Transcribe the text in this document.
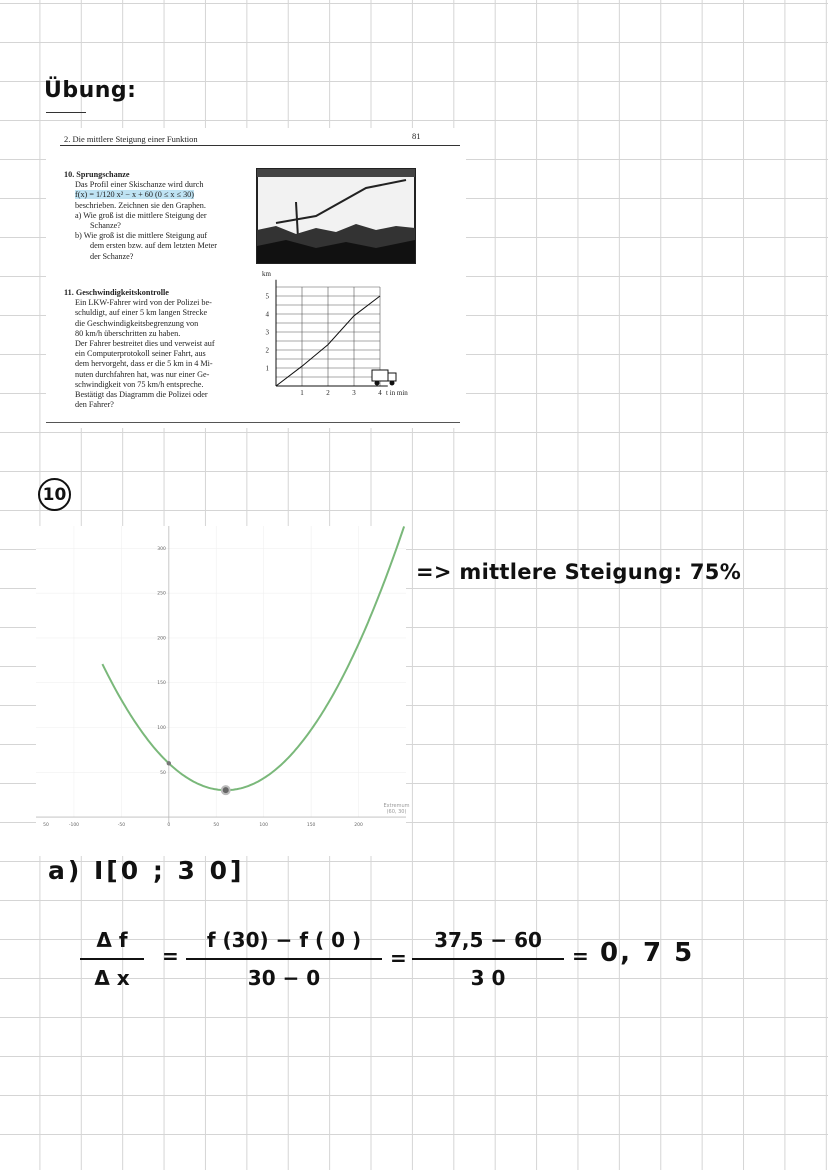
Übung:
2. Die mittlere Steigung einer Funktion	81
10. Sprungschanze
Das Profil einer Skischanze wird durch
f(x) = 1/120 x² − x + 60 (0 ≤ x ≤ 30)
beschrieben. Zeichnen sie den Graphen.
a) Wie groß ist die mittlere Steigung der
Schanze?
b) Wie groß ist die mittlere Steigung auf
dem ersten bzw. auf dem letzten Meter
der Schanze?
11. Geschwindigkeitskontrolle
Ein LKW-Fahrer wird von der Polizei be-
schuldigt, auf einer 5 km langen Strecke
die Geschwindigkeitsbegrenzung von
80 km/h überschritten zu haben.
Der Fahrer bestreitet dies und verweist auf
ein Computerprotokoll seiner Fahrt, aus
dem hervorgeht, dass er die 5 km in 4 Mi-
nuten durchfahren hat, was nur einer Ge-
schwindigkeit von 75 km/h entspreche.
Bestätigt das Diagramm die Polizei oder
den Fahrer?
1
2
3
4
5
1	2	3	4
km
t in min
10
-100	-50	0	50	100	150	200
50
100
150
200
250
300
50
Extremum
(60, 30)
=> mittlere Steigung: 75%
a) I[0 ; 3 0]
Δ f
Δ x
=
f (30) − f ( 0 )
30 − 0
=
37,5 − 60
3 0
= 0, 7 5
